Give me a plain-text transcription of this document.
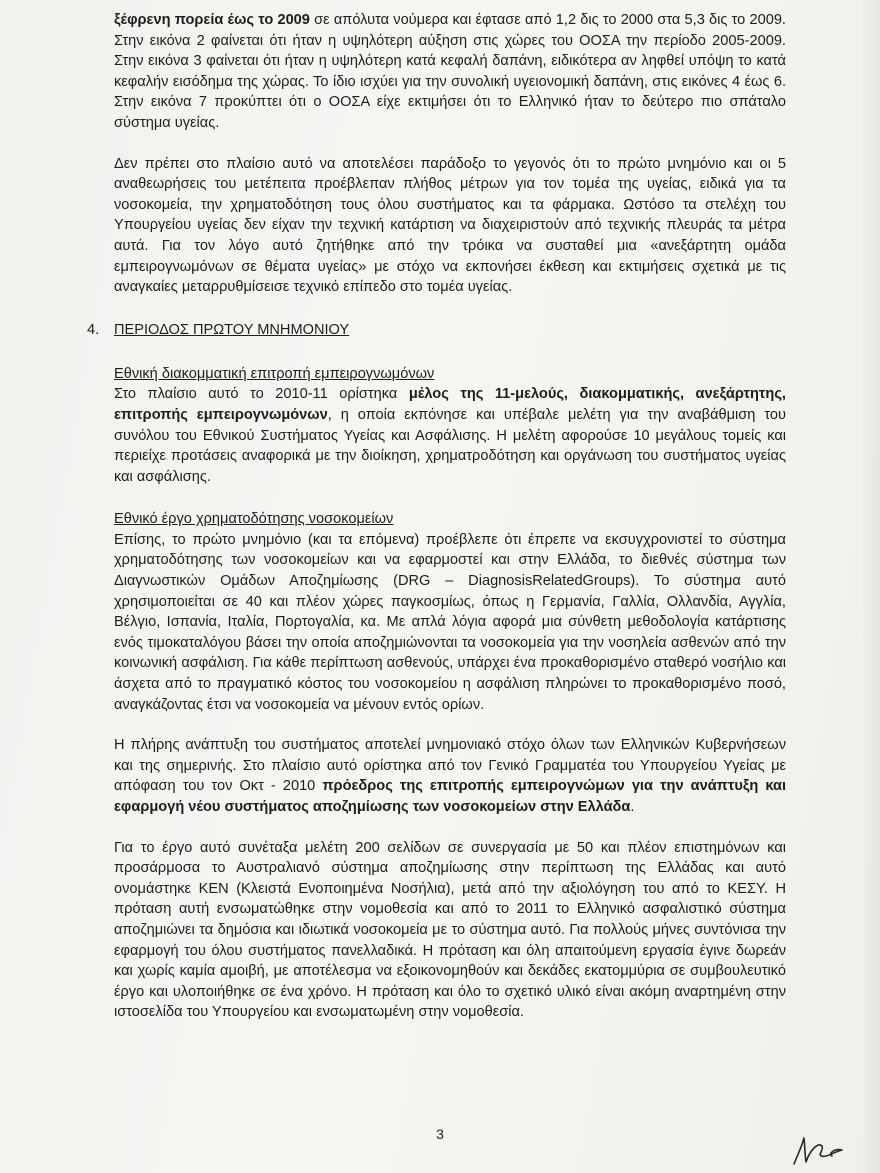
ξέφρενη πορεία έως το 2009 σε απόλυτα νούμερα και έφτασε από 1,2 δις το 2000 στα 5,3 δις το 2009. Στην εικόνα 2 φαίνεται ότι ήταν η υψηλότερη αύξηση στις χώρες του ΟΟΣΑ την περίοδο 2005-2009. Στην εικόνα 3 φαίνεται ότι ήταν η υψηλότερη κατά κεφαλή δαπάνη, ειδικότερα αν ληφθεί υπόψη το κατά κεφαλήν εισόδημα της χώρας. Το ίδιο ισχύει για την συνολική υγειονομική δαπάνη, στις εικόνες 4 έως 6. Στην εικόνα 7 προκύπτει ότι ο ΟΟΣΑ είχε εκτιμήσει ότι το Ελληνικό ήταν το δεύτερο πιο σπάταλο σύστημα υγείας.

Δεν πρέπει στο πλαίσιο αυτό να αποτελέσει παράδοξο το γεγονός ότι το πρώτο μνημόνιο και οι 5 αναθεωρήσεις του μετέπειτα προέβλεπαν πλήθος μέτρων για τον τομέα της υγείας, ειδικά για τα νοσοκομεία, την χρηματοδότηση τους όλου συστήματος και τα φάρμακα. Ωστόσο τα στελέχη του Υπουργείου υγείας δεν είχαν την τεχνική κατάρτιση να διαχειριστούν από τεχνικής πλευράς τα μέτρα αυτά. Για τον λόγο αυτό ζητήθηκε από την τρόικα να συσταθεί μια «ανεξάρτητη ομάδα εμπειρογνωμόνων σε θέματα υγείας» με στόχο να εκπονήσει έκθεση και εκτιμήσεις σχετικά με τις αναγκαίες μεταρρυθμίσεισε τεχνικό επίπεδο στο τομέα υγείας.

4. ΠΕΡΙΟΔΟΣ ΠΡΩΤΟΥ ΜΝΗΜΟΝΙΟΥ

Εθνική διακομματική επιτροπή εμπειρογνωμόνων

Στο πλαίσιο αυτό το 2010-11 ορίστηκα μέλος της 11-μελούς, διακομματικής, ανεξάρτητης, επιτροπής εμπειρογνωμόνων, η οποία εκπόνησε και υπέβαλε μελέτη για την αναβάθμιση του συνόλου του Εθνικού Συστήματος Υγείας και Ασφάλισης. Η μελέτη αφορούσε 10 μεγάλους τομείς και περιείχε προτάσεις αναφορικά με την διοίκηση, χρηματροδότηση και οργάνωση του συστήματος υγείας και ασφάλισης.

Εθνικό έργο χρηματοδότησης νοσοκομείων

Επίσης, το πρώτο μνημόνιο (και τα επόμενα) προέβλεπε ότι έπρεπε να εκσυγχρονιστεί το σύστημα χρηματοδότησης των νοσοκομείων και να εφαρμοστεί και στην Ελλάδα, το διεθνές σύστημα των Διαγνωστικών Ομάδων Αποζημίωσης (DRG – DiagnosisRelatedGroups). Το σύστημα αυτό χρησιμοποιείται σε 40 και πλέον χώρες παγκοσμίως, όπως η Γερμανία, Γαλλία, Ολλανδία, Αγγλία, Βέλγιο, Ισπανία, Ιταλία, Πορτογαλία, κα. Με απλά λόγια αφορά μια σύνθετη μεθοδολογία κατάρτισης ενός τιμοκαταλόγου βάσει την οποία αποζημιώνονται τα νοσοκομεία για την νοσηλεία ασθενών από την κοινωνική ασφάλιση. Για κάθε περίπτωση ασθενούς, υπάρχει ένα προκαθορισμένο σταθερό νοσήλιο και άσχετα από το πραγματικό κόστος του νοσοκομείου η ασφάλιση πληρώνει το προκαθορισμένο ποσό, αναγκάζοντας έτσι να νοσοκομεία να μένουν εντός ορίων.

Η πλήρης ανάπτυξη του συστήματος αποτελεί μνημονιακό στόχο όλων των Ελληνικών Κυβερνήσεων και της σημερινής. Στο πλαίσιο αυτό ορίστηκα από τον Γενικό Γραμματέα του Υπουργείου Υγείας με απόφαση του τον Οκτ - 2010 πρόεδρος της επιτροπής εμπειρογνώμων για την ανάπτυξη και εφαρμογή νέου συστήματος αποζημίωσης των νοσοκομείων στην Ελλάδα.

Για το έργο αυτό συνέταξα μελέτη 200 σελίδων σε συνεργασία με 50 και πλέον επιστημόνων και προσάρμοσα το Αυστραλιανό σύστημα αποζημίωσης στην περίπτωση της Ελλάδας και αυτό ονομάστηκε ΚΕΝ (Κλειστά Ενοποιημένα Νοσήλια), μετά από την αξιολόγηση του από το ΚΕΣΥ. Η πρόταση αυτή ενσωματώθηκε στην νομοθεσία και από το 2011 το Ελληνικό ασφαλιστικό σύστημα αποζημιώνει τα δημόσια και ιδιωτικά νοσοκομεία με το σύστημα αυτό. Για πολλούς μήνες συντόνισα την εφαρμογή του όλου συστήματος πανελλαδικά. Η πρόταση και όλη απαιτούμενη εργασία έγινε δωρεάν και χωρίς καμία αμοιβή, με αποτέλεσμα να εξοικονομηθούν και δεκάδες εκατομμύρια σε συμβουλευτικό έργο και υλοποιήθηκε σε ένα χρόνο. Η πρόταση και όλο το σχετικό υλικό είναι ακόμη αναρτημένη στην ιστοσελίδα του Υπουργείου και ενσωματωμένη στην νομοθεσία.

3
